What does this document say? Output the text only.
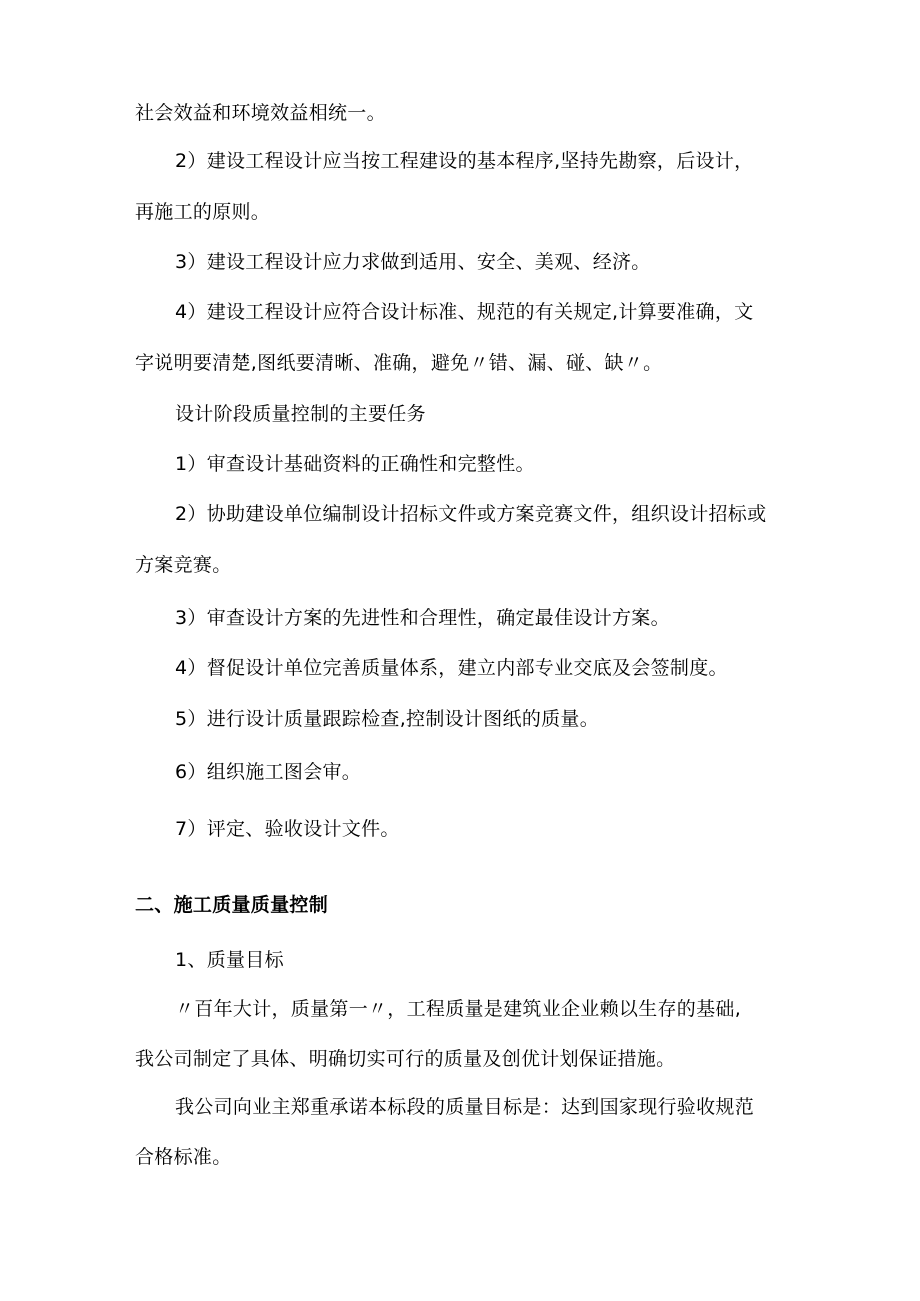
社会效益和环境效益相统一。
2）建设工程设计应当按工程建设的基本程序,坚持先勘察，后设计，
再施工的原则。
3）建设工程设计应力求做到适用、安全、美观、经济。
4）建设工程设计应符合设计标准、规范的有关规定,计算要准确，文
字说明要清楚,图纸要清晰、准确，避免〃错、漏、碰、缺〃。
设计阶段质量控制的主要任务
1）审查设计基础资料的正确性和完整性。
2）协助建设单位编制设计招标文件或方案竞赛文件，组织设计招标或
方案竞赛。
3）审查设计方案的先进性和合理性，确定最佳设计方案。
4）督促设计单位完善质量体系，建立内部专业交底及会签制度。
5）进行设计质量跟踪检查,控制设计图纸的质量。
6）组织施工图会审。
7）评定、验收设计文件。
二、施工质量质量控制
1、质量目标
〃百年大计，质量第一〃，工程质量是建筑业企业赖以生存的基础,
我公司制定了具体、明确切实可行的质量及创优计划保证措施。
我公司向业主郑重承诺本标段的质量目标是：达到国家现行验收规范
合格标准。
